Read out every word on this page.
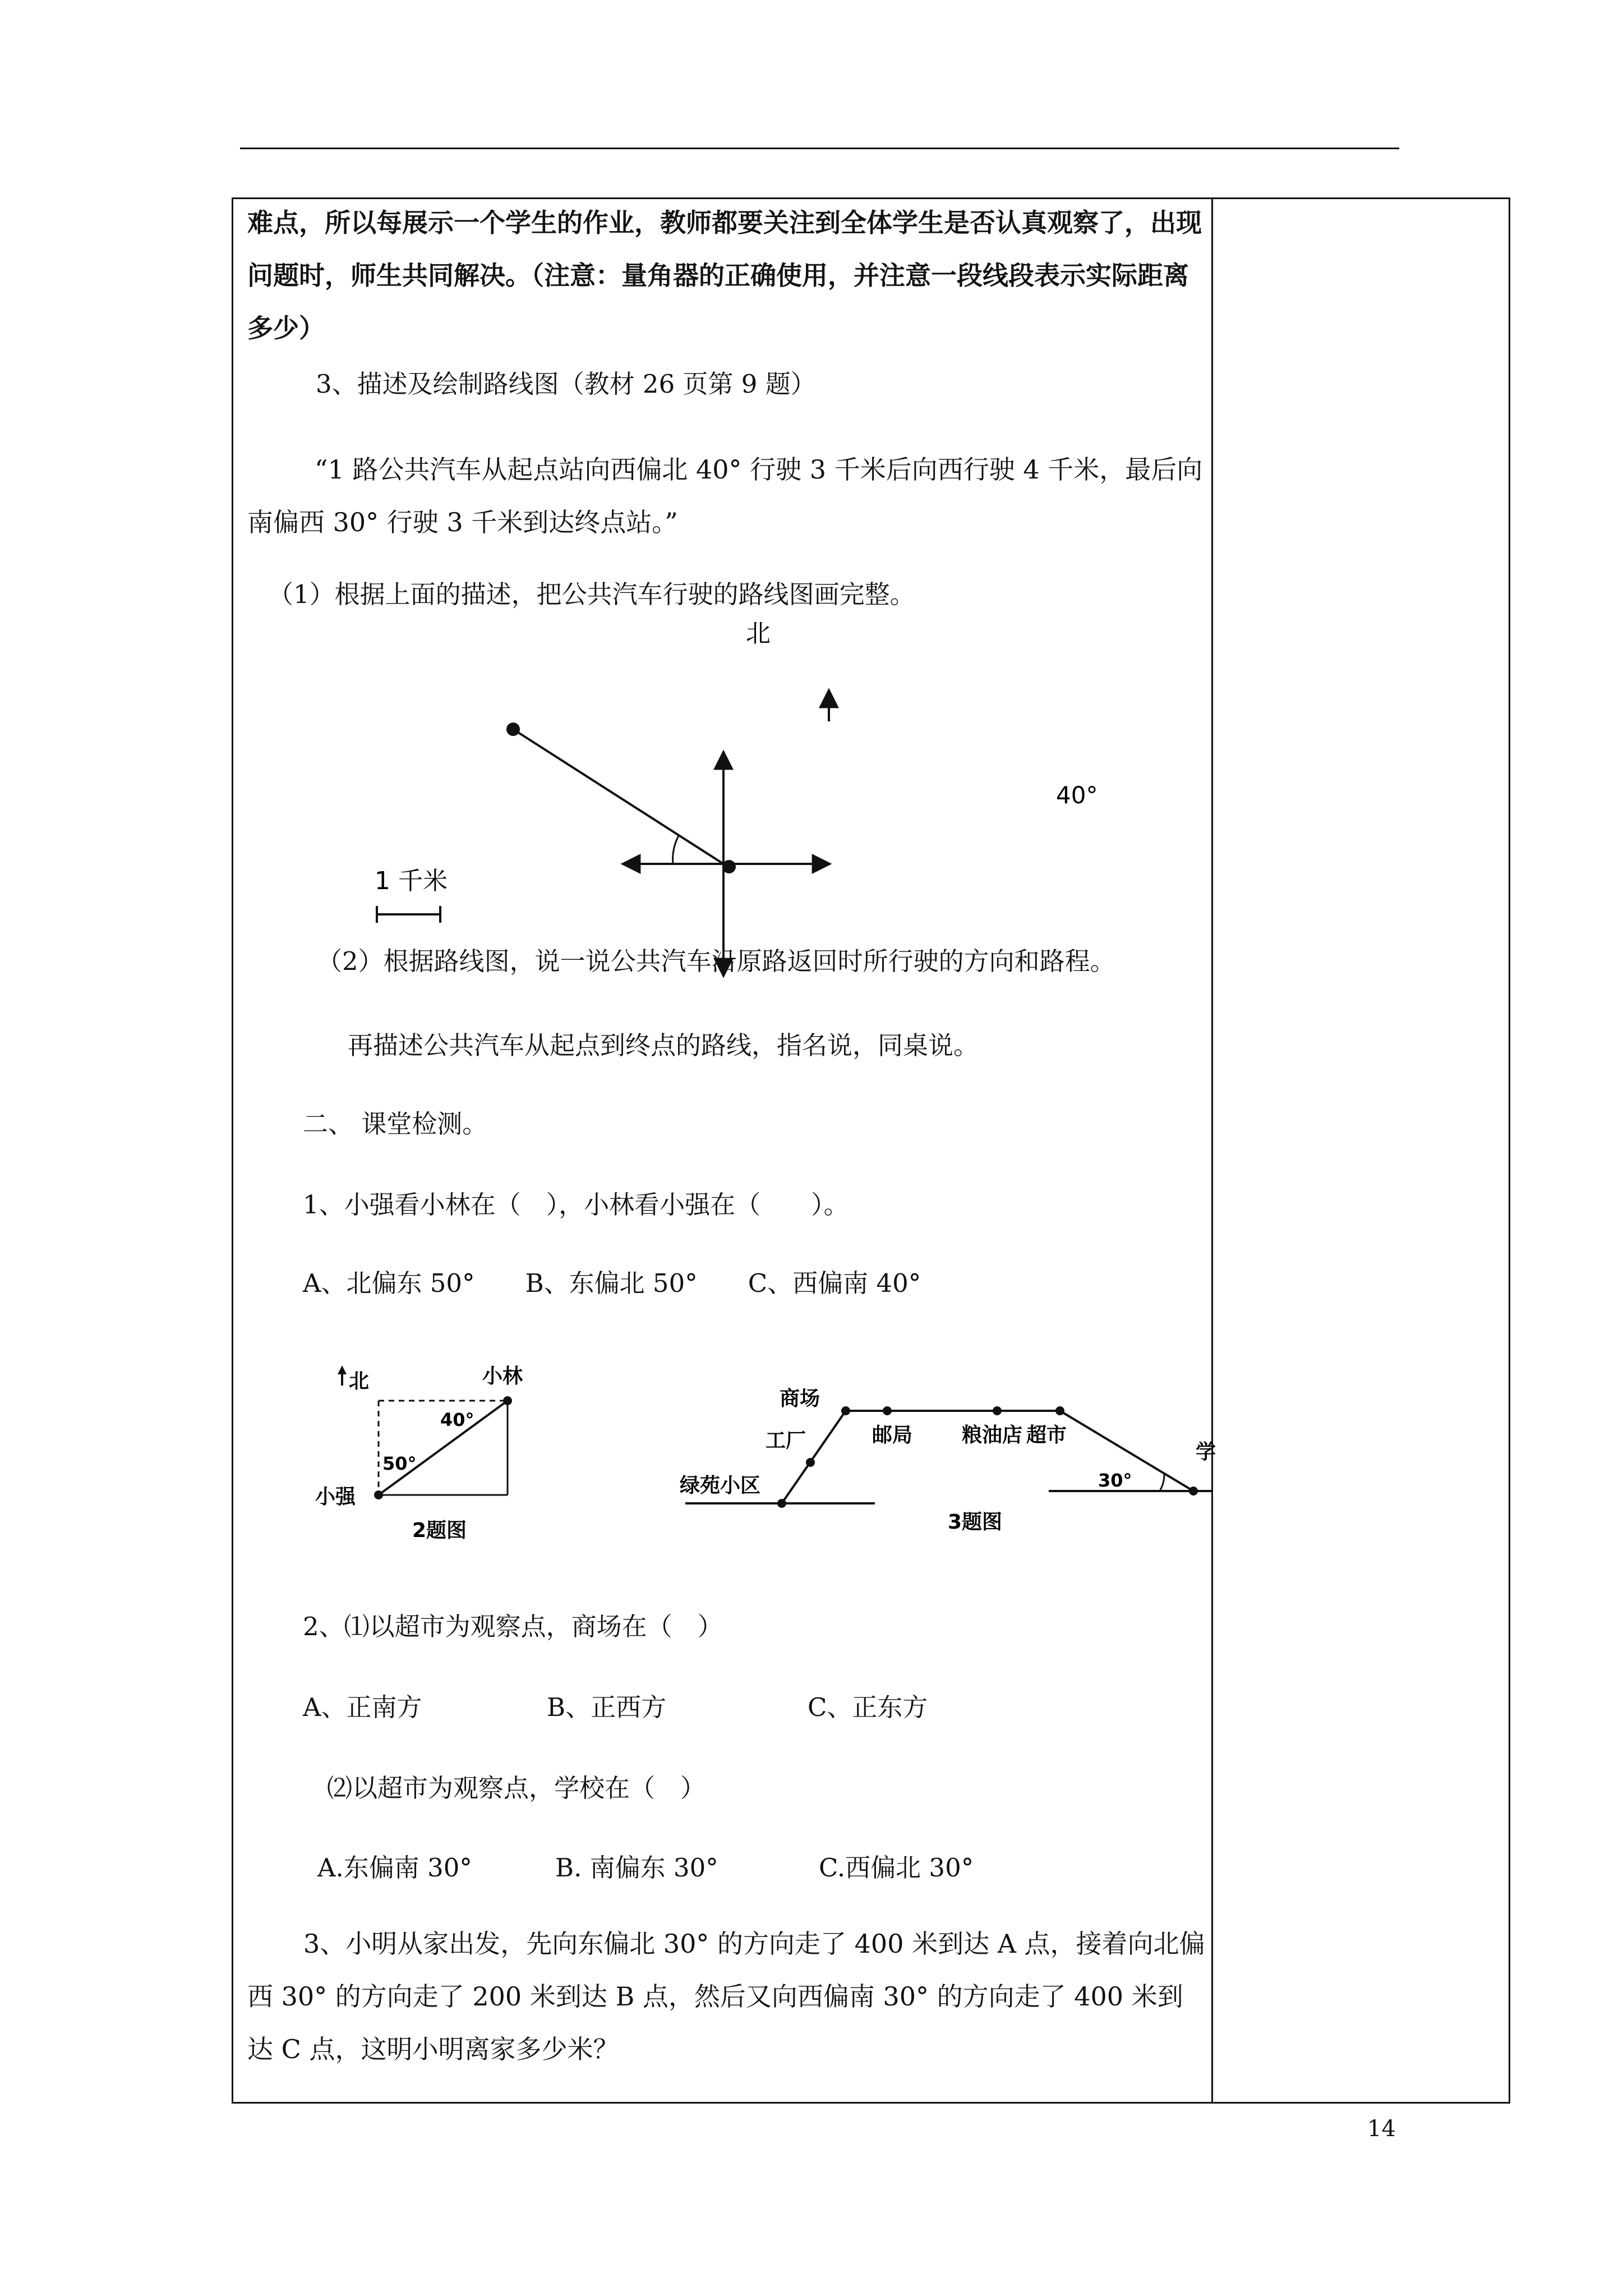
难点，所以每展示一个学生的作业，教师都要关注到全体学生是否认真观察了，出现问题时，师生共同解决。（注意：量角器的正确使用，并注意一段线段表示实际距离多少）
3、描述及绘制路线图（教材 26 页第 9 题）
“1 路公共汽车从起点站向西偏北 40° 行驶 3 千米后向西行驶 4 千米，最后向南偏西 30° 行驶 3 千米到达终点站。”
（1）根据上面的描述，把公共汽车行驶的路线图画完整。
北
40°
1 千米
（2）根据路线图，说一说公共汽车沿原路返回时所行驶的方向和路程。
再描述公共汽车从起点到终点的路线，指名说，同桌说。
二、 课堂检测。
1、小强看小林在（　），小林看小强在（　　）。
A、北偏东 50°　　B、东偏北 50°　　C、西偏南 40°
北	小林
40°
50°
小强
2题图
商场
邮局 粮油店 超市
工厂
绿苑小区	30°
学
3题图
2、⑴以超市为观察点，商场在（　）
A、正南方	B、正西方	C、正东方
⑵以超市为观察点，学校在（　）
A.东偏南 30°	B. 南偏东 30°	C.西偏北 30°
3、小明从家出发，先向东偏北 30° 的方向走了 400 米到达 A 点，接着向北偏西 30° 的方向走了 200 米到达 B 点，然后又向西偏南 30° 的方向走了 400 米到达 C 点，这明小明离家多少米？
14
